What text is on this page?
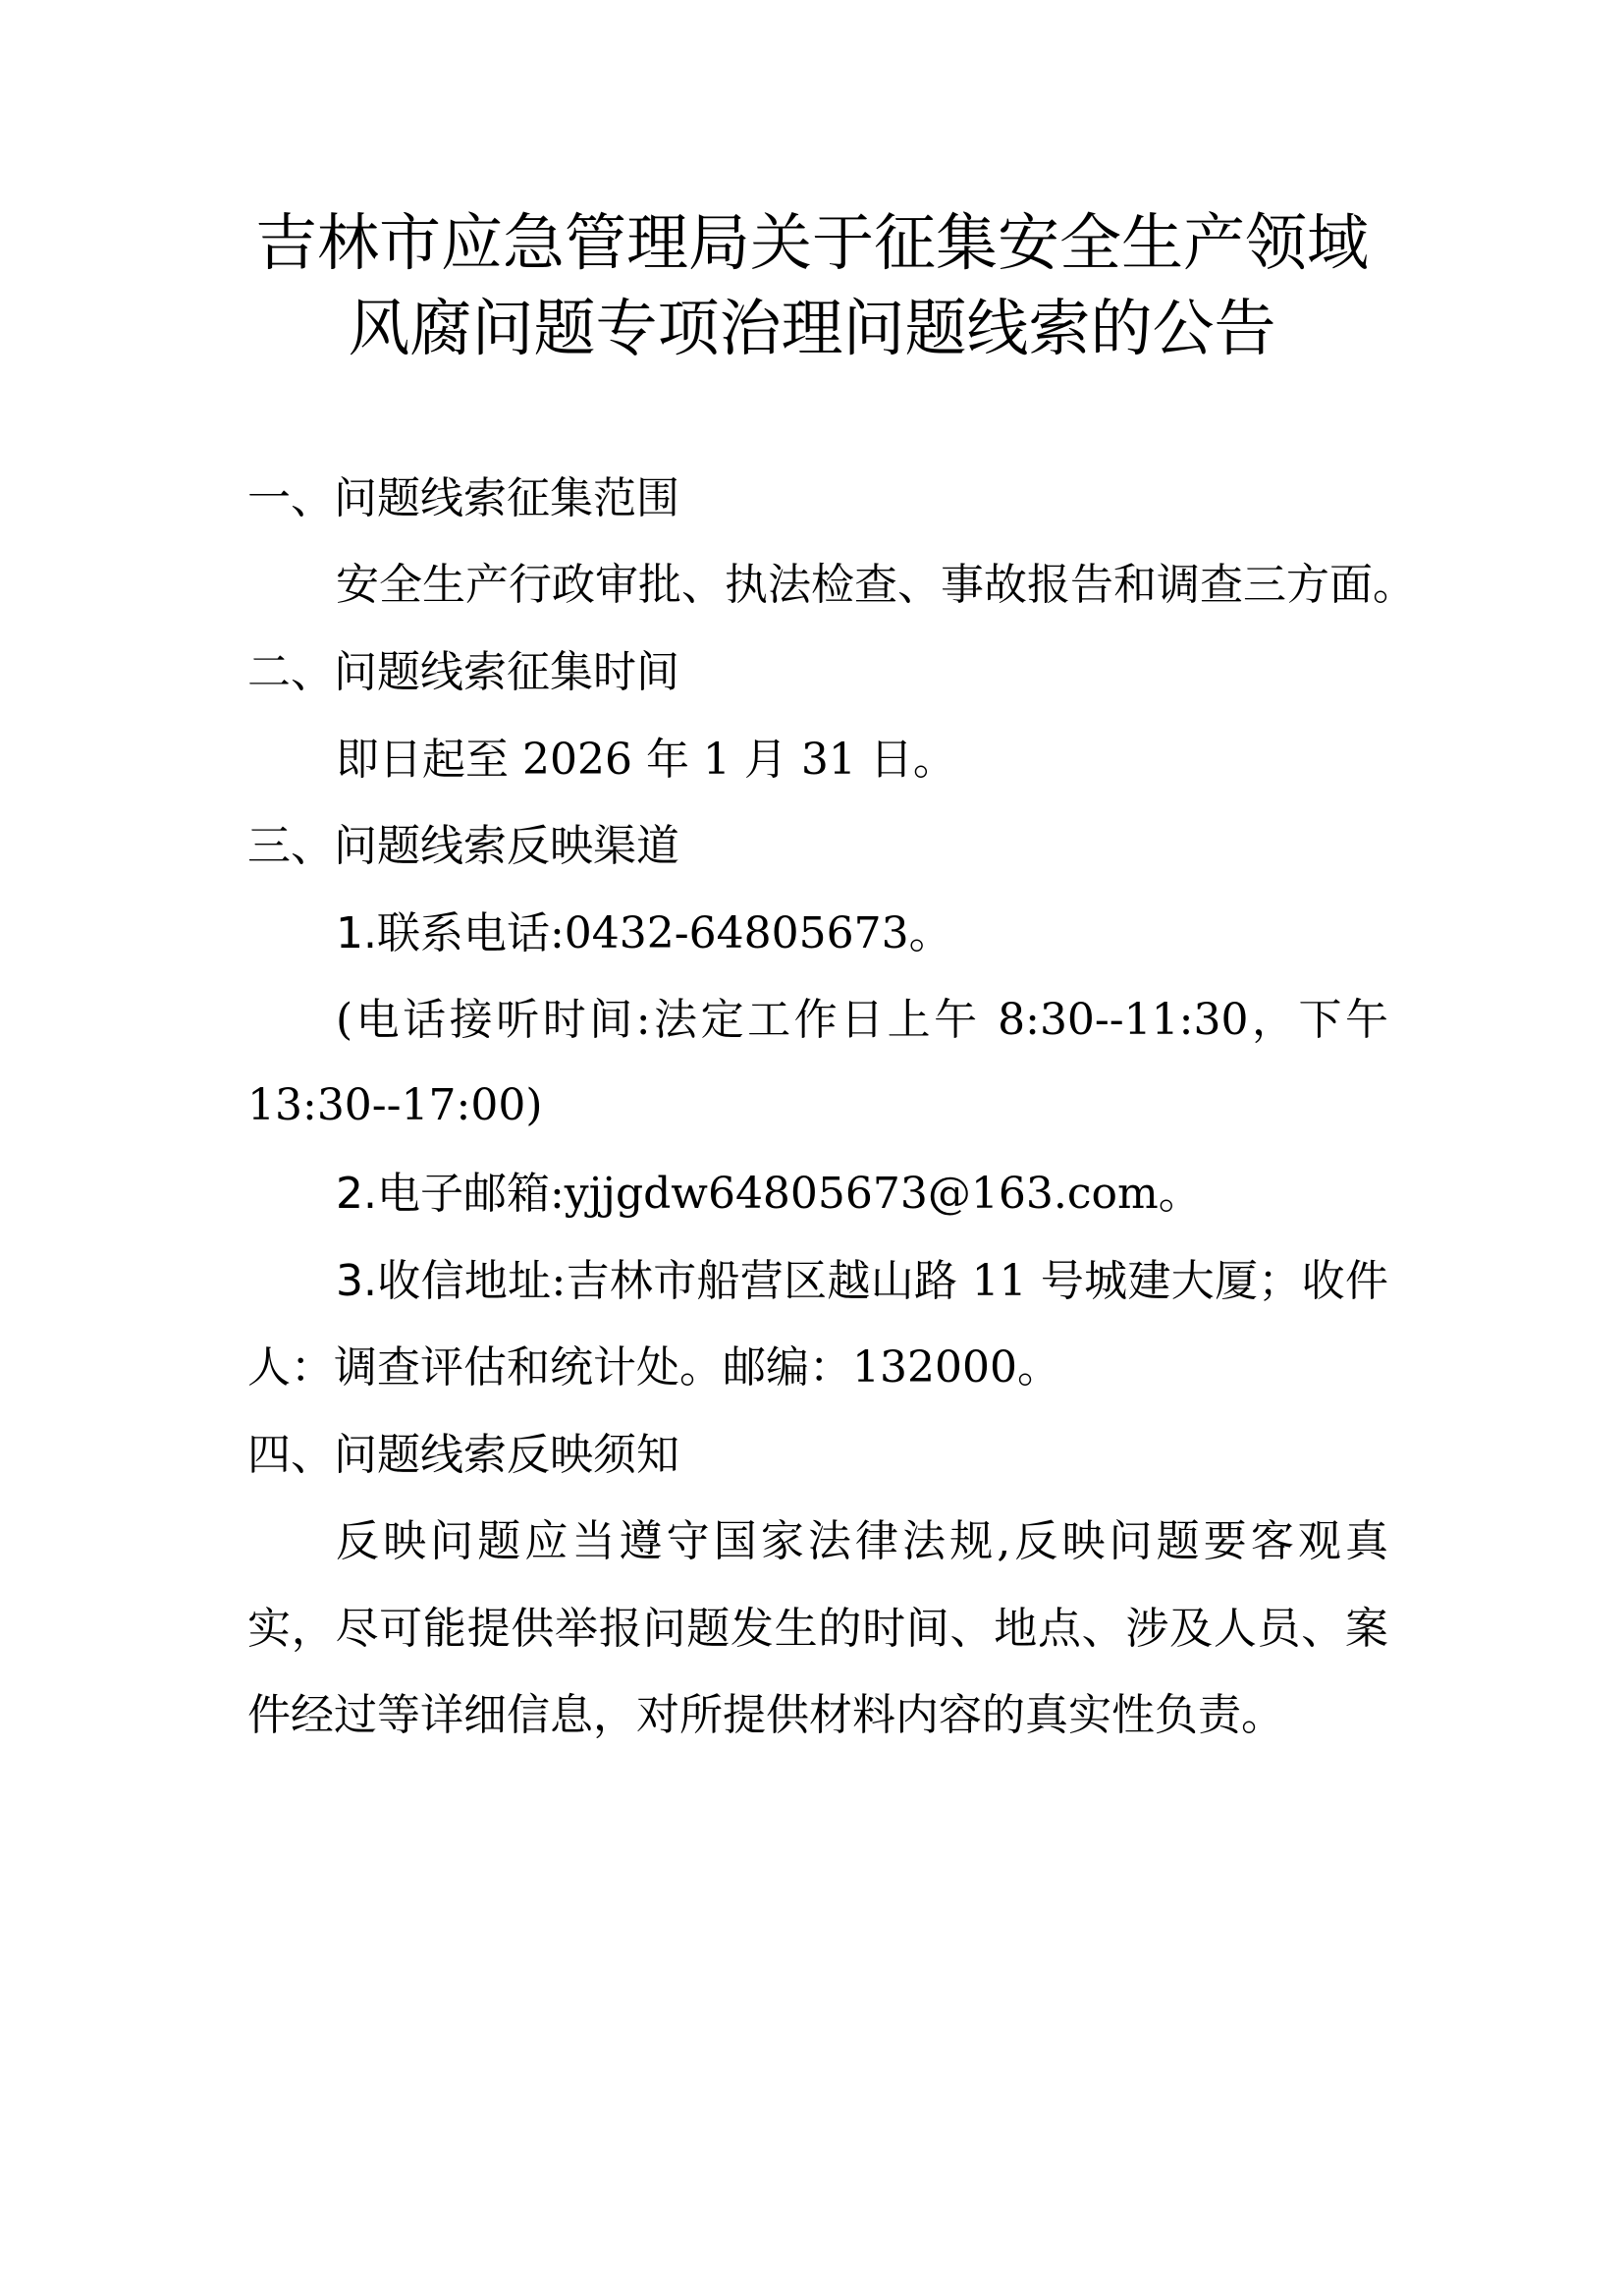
吉林市应急管理局关于征集安全生产领域
风腐问题专项治理问题线索的公告
一、问题线索征集范围
安全生产行政审批、执法检查、事故报告和调查三方面。
二、问题线索征集时间
即日起至 2026 年 1 月 31 日。
三、问题线索反映渠道
1.联系电话:0432-64805673。
(电话接听时间:法定工作日上午 8:30--11:30，下午
13:30--17:00)
2.电子邮箱:yjjgdw64805673@163.com。
3.收信地址:吉林市船营区越山路 11 号城建大厦；收件
人：调查评估和统计处。邮编：132000。
四、问题线索反映须知
反映问题应当遵守国家法律法规,反映问题要客观真
实，尽可能提供举报问题发生的时间、地点、涉及人员、案
件经过等详细信息，对所提供材料内容的真实性负责。
